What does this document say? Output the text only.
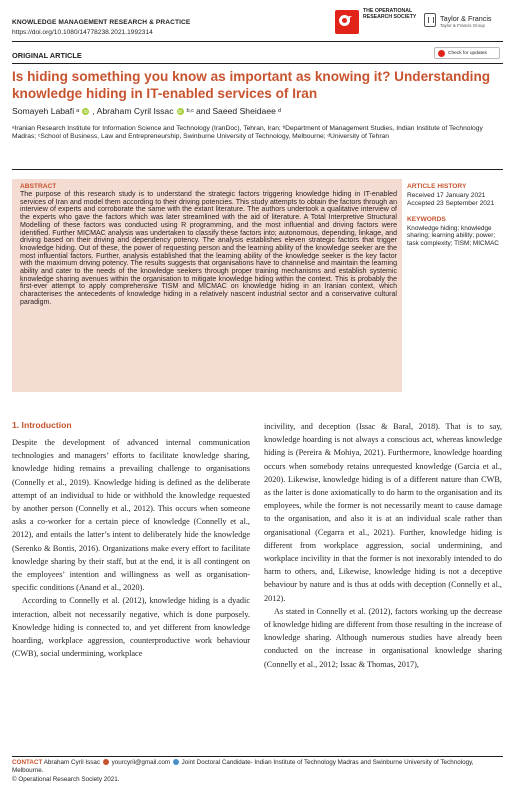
KNOWLEDGE MANAGEMENT RESEARCH & PRACTICE
https://doi.org/10.1080/14778238.2021.1992314
r
THE OPERATIONAL RESEARCH SOCIETY	Taylor & Francis
Taylor & Francis Group
ORIGINAL ARTICLE	Check for updates
Is hiding something you know as important as knowing it? Understanding knowledge hiding in IT-enabled services of Iran
Somayeh Labafi a iD , Abraham Cyril Issac iD b,c and Saeed Sheidaee d
ᵃIranian Research Institute for Information Science and Technology (IranDoc), Tehran, Iran; ᵇDepartment of Management Studies, Indian Institute of Technology Madras; ᶜSchool of Business, Law and Entrepreneurship, Swinburne University of Technology, Melbourne; ᵈUniversity of Tehran
ABSTRACT
The purpose of this research study is to understand the strategic factors triggering knowledge hiding in IT-enabled services of Iran and model them according to their driving potencies. This study attempts to obtain the factors through an interview of experts and corroborate the same with the extant literature. The authors undertook a qualitative interview of the experts who gave the factors which was later streamlined with the aid of literature. A Total Interpretive Structural Modelling of these factors was conducted using R programming, and the most influential and driving factors were identified. Further MICMAC analysis was undertaken to classify these factors into; autonomous, depending, linkage, and driving based on their driving and dependency potency. The analysis establishes eleven strategic factors that trigger knowledge hiding. Out of these, the power of requesting person and the learning ability of the knowledge seeker are the most influential factors. Further, analysis established that the learning ability of the knowledge seeker is the key factor with the maximum driving potency. The results suggests that organisations have to channelise and maintain the learning ability and cater to the needs of the knowledge seekers through proper training mechanisms and establish systemic knowledge sharing avenues within the organisation to mitigate knowledge hiding within the context. This is probably the first-ever attempt to apply comprehensive TISM and MICMAC on knowledge hiding in an Iranian context, which characterises the antecedents of knowledge hiding in a relatively nascent industrial sector and a conservative cultural paradigm.
ARTICLE HISTORY
Received 17 January 2021
Accepted 23 September 2021
KEYWORDS
Knowledge hiding; knowledge sharing; learning ability; power; task complexity; TISM; MICMAC
1. Introduction

Despite the development of advanced internal communication technologies and managers’ efforts to facilitate knowledge sharing, knowledge hiding remains a prevailing challenge to organisations (Connelly et al., 2019). Knowledge hiding is defined as the deliberate attempt of an individual to hide or withhold the knowledge requested by another person (Connelly et al., 2012). This occurs when someone asks a co-worker for a certain piece of knowledge (Connelly et al., 2012), and entails the latter’s intent to deliberately hide the knowledge (Serenko & Bontis, 2016). Organizations make every effort to facilitate knowledge sharing by their staff, but at the end, it is all contingent on the employees’ intention and willingness as well as organisation-specific conditions (Anand et al., 2020).

According to Connelly et al. (2012), knowledge hiding is a dyadic interaction, albeit not necessarily negative, which is done purposely. Knowledge hiding is connected to, and yet different from knowledge hoarding, workplace aggression, counterproductive work behaviour (CWB), social undermining, workplace

incivility, and deception (Issac & Baral, 2018). That is to say, knowledge hoarding is not always a conscious act, whereas knowledge hiding is (Pereira & Mohiya, 2021). Furthermore, knowledge hoarding occurs when somebody retains unrequested knowledge (Garcia et al., 2020). Likewise, knowledge hiding is of a different nature than CWB, as the latter is done axiomatically to do harm to the organisation and its employees, while the former is not necessarily meant to cause damage to the organisation, and also it is at an individual scale rather than organisational (Cegarra et al., 2021). Further, knowledge hiding is different from workplace aggression, social undermining, and workplace incivility in that the former is not inexorably intended to do harm to others, and, Likewise, knowledge hiding is not a deceptive behaviour by nature and is thus at odds with deception (Connelly et al., 2012).

As stated in Connelly et al. (2012), factors working up the decrease of knowledge hiding are different from those resulting in the increase of knowledge sharing. Although numerous studies have already been conducted on the increase in organisational knowledge sharing (Connelly et al., 2012; Issac & Thomas, 2017),

CONTACT Abraham Cyril Issac yourcyril@gmail.com Joint Doctoral Candidate- Indian Institute of Technology Madras and Swinburne University of Technology, Melbourne.
© Operational Research Society 2021.
